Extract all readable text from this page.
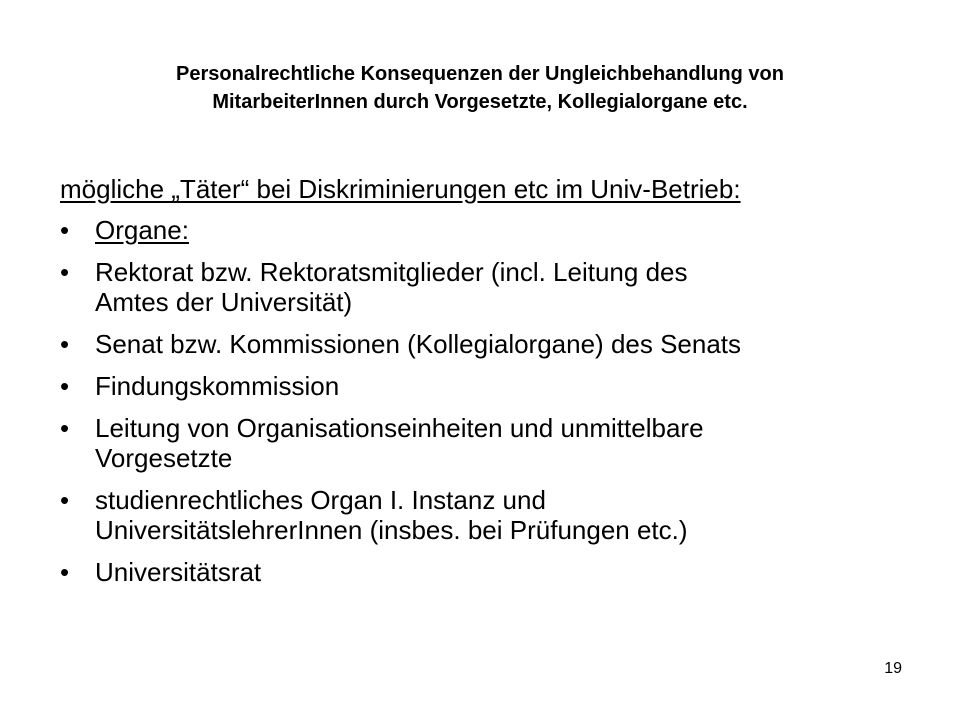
Personalrechtliche Konsequenzen der Ungleichbehandlung von
MitarbeiterInnen durch Vorgesetzte, Kollegialorgane etc.
mögliche „Täter“ bei Diskriminierungen etc im Univ-Betrieb:
• Organe:
• Rektorat bzw. Rektoratsmitglieder (incl. Leitung des
Amtes der Universität)
• Senat bzw. Kommissionen (Kollegialorgane) des Senats
• Findungskommission
• Leitung von Organisationseinheiten und unmittelbare
Vorgesetzte
• studienrechtliches Organ I. Instanz und
UniversitätslehrerInnen (insbes. bei Prüfungen etc.)
• Universitätsrat
19
